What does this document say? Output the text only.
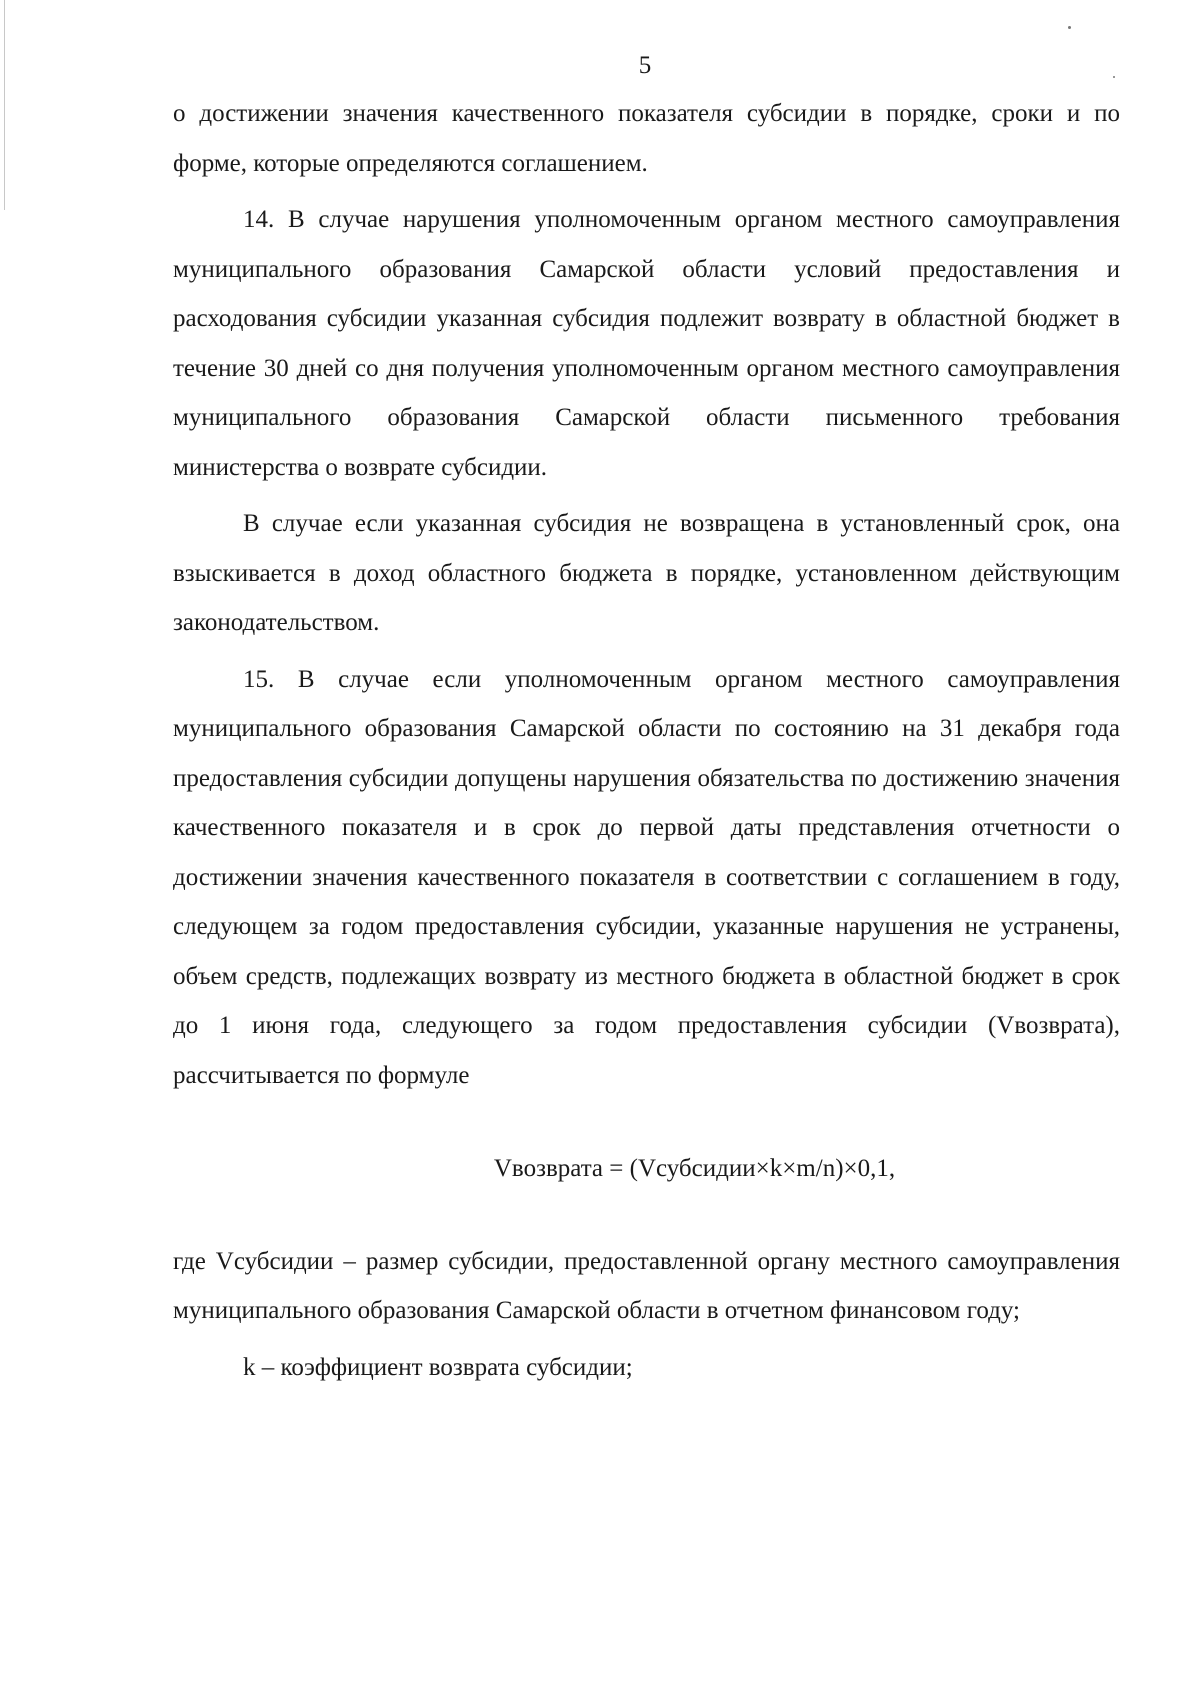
5

о достижении значения качественного показателя субсидии в порядке, сроки и по форме, которые определяются соглашением.

14. В случае нарушения уполномоченным органом местного самоуправления муниципального образования Самарской области условий предоставления и расходования субсидии указанная субсидия подлежит возврату в областной бюджет в течение 30 дней со дня получения уполномоченным органом местного самоуправления муниципального образования Самарской области письменного требования министерства о возврате субсидии.

В случае если указанная субсидия не возвращена в установленный срок, она взыскивается в доход областного бюджета в порядке, установленном действующим законодательством.

15. В случае если уполномоченным органом местного самоуправления муниципального образования Самарской области по состоянию на 31 декабря года предоставления субсидии допущены нарушения обязательства по достижению значения качественного показателя и в срок до первой даты представления отчетности о достижении значения качественного показателя в соответствии с соглашением в году, следующем за годом предоставления субсидии, указанные нарушения не устранены, объем средств, подлежащих возврату из местного бюджета в областной бюджет в срок до 1 июня года, следующего за годом предоставления субсидии (Vвозврата), рассчитывается по формуле

Vвозврата = (Vсубсидии×k×m/n)×0,1,

где Vсубсидии – размер субсидии, предоставленной органу местного самоуправления муниципального образования Самарской области в отчетном финансовом году;

k – коэффициент возврата субсидии;
